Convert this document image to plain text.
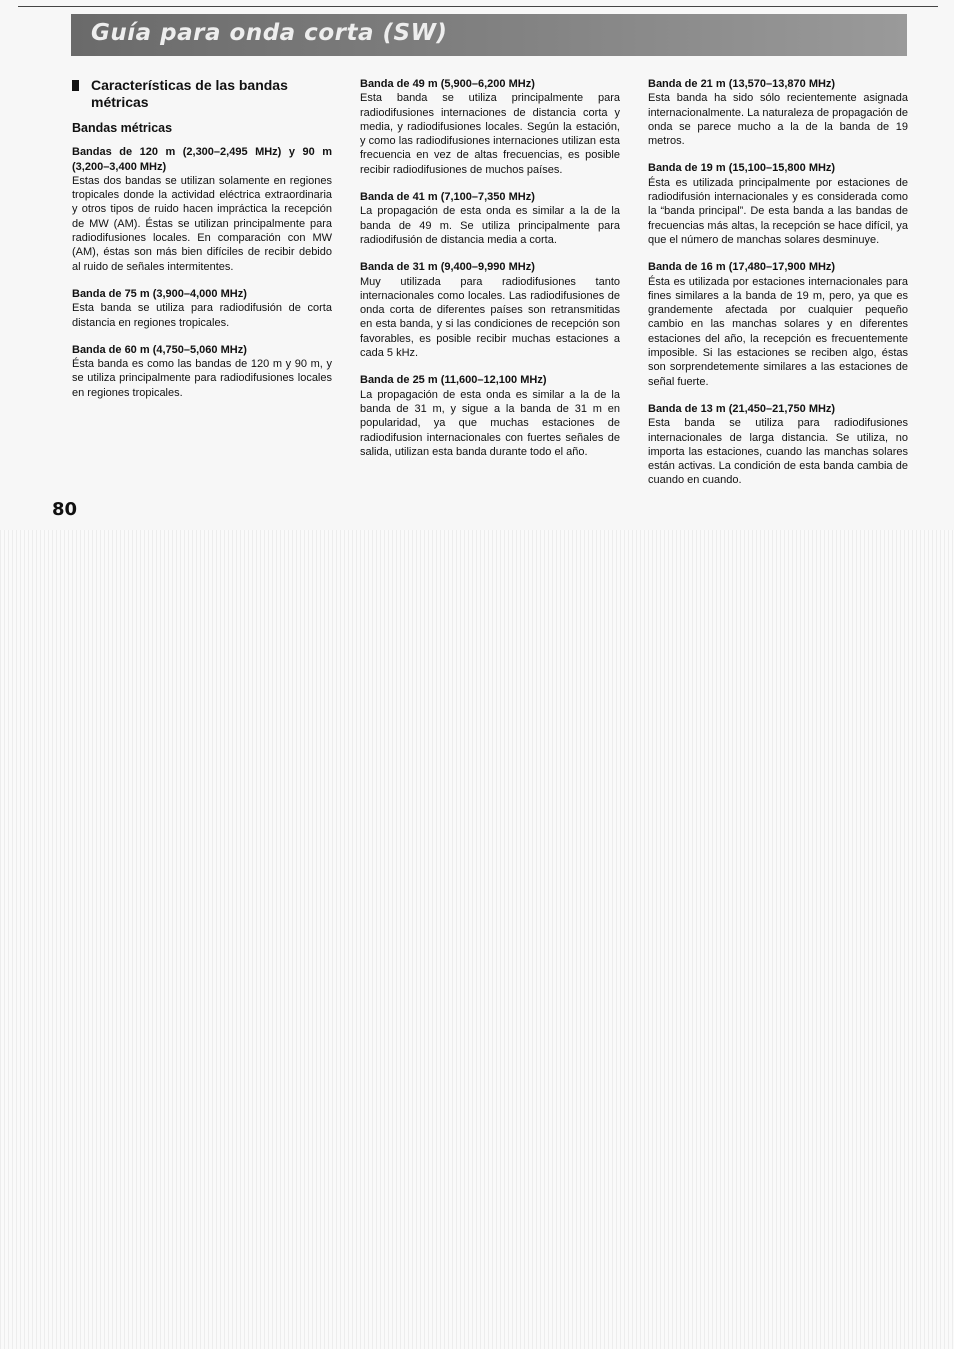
Guía para onda corta (SW)
Características de las bandas métricas
Bandas métricas

Bandas de 120 m (2,300–2,495 MHz) y 90 m (3,200–3,400 MHz)

Estas dos bandas se utilizan solamente en regiones tropicales donde la actividad eléctrica extraordinaria y otros tipos de ruido hacen impráctica la recepción de MW (AM). Éstas se utilizan principalmente para radiodifusiones locales. En comparación con MW (AM), éstas son más bien difíciles de recibir debido al ruido de señales intermitentes.

Banda de 75 m (3,900–4,000 MHz)

Esta banda se utiliza para radiodifusión de corta distancia en regiones tropicales.

Banda de 60 m (4,750–5,060 MHz)

Ésta banda es como las bandas de 120 m y 90 m, y se utiliza principalmente para radiodifusiones locales en regiones tropicales.

Banda de 49 m (5,900–6,200 MHz)

Esta banda se utiliza principalmente para radiodifusiones internaciones de distancia corta y media, y radiodifusiones locales. Según la estación, y como las radiodifusiones internaciones utilizan esta frecuencia en vez de altas frecuencias, es posible recibir radiodifusiones de muchos países.

Banda de 41 m (7,100–7,350 MHz)

La propagación de esta onda es similar a la de la banda de 49 m. Se utiliza principalmente para radiodifusión de distancia media a corta.

Banda de 31 m (9,400–9,990 MHz)

Muy utilizada para radiodifusiones tanto internacionales como locales. Las radiodifusiones de onda corta de diferentes países son retransmitidas en esta banda, y si las condiciones de recepción son favorables, es posible recibir muchas estaciones a cada 5 kHz.

Banda de 25 m (11,600–12,100 MHz)

La propagación de esta onda es similar a la de la banda de 31 m, y sigue a la banda de 31 m en popularidad, ya que muchas estaciones de radiodifusion internacionales con fuertes señales de salida, utilizan esta banda durante todo el año.

Banda de 21 m (13,570–13,870 MHz)

Esta banda ha sido sólo recientemente asignada internacionalmente. La naturaleza de propagación de onda se parece mucho a la de la banda de 19 metros.

Banda de 19 m (15,100–15,800 MHz)

Ésta es utilizada principalmente por estaciones de radiodifusión internacionales y es considerada como la “banda principal”. De esta banda a las bandas de frecuencias más altas, la recepción se hace difícil, ya que el número de manchas solares desminuye.

Banda de 16 m (17,480–17,900 MHz)

Ésta es utilizada por estaciones internacionales para fines similares a la banda de 19 m, pero, ya que es grandemente afectada por cualquier pequeño cambio en las manchas solares y en diferentes estaciones del año, la recepción es frecuentemente imposible. Si las estaciones se reciben algo, éstas son sorprendetemente similares a las estaciones de señal fuerte.

Banda de 13 m (21,450–21,750 MHz)

Esta banda se utiliza para radiodifusiones internacionales de larga distancia. Se utiliza, no importa las estaciones, cuando las manchas solares están activas. La condición de esta banda cambia de cuando en cuando.

80
